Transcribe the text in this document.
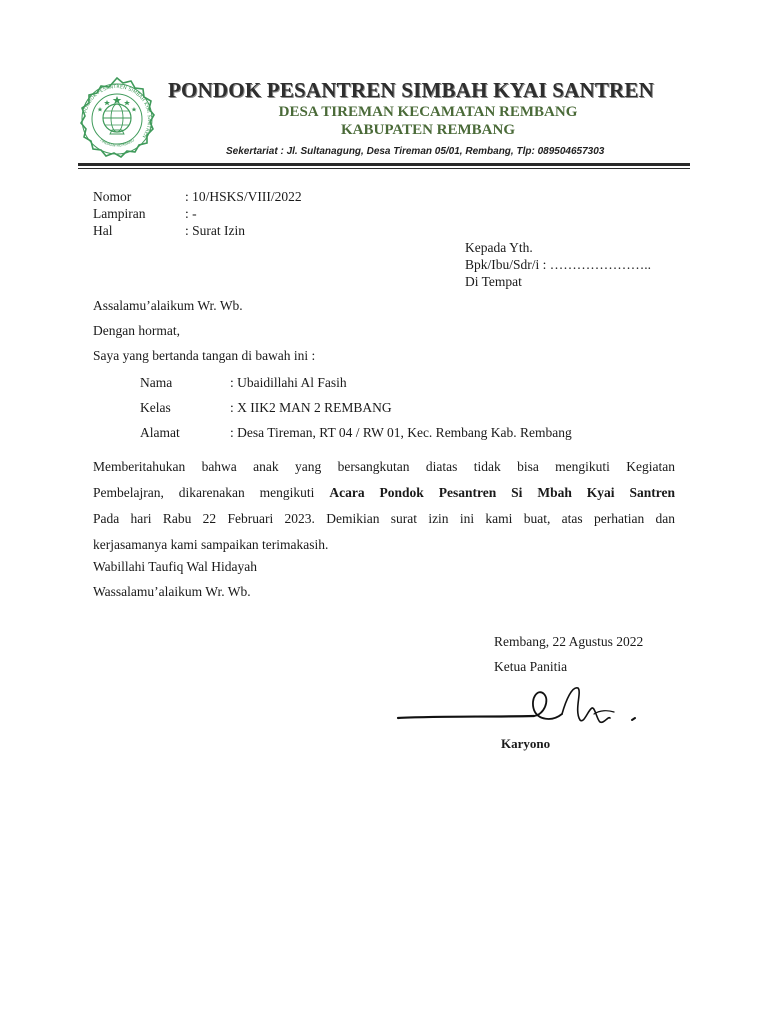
PONDOK PESANTREN SIMBAH KYAI SANTREN
TIREMAN REMBANG
PONDOK PESANTREN SIMBAH KYAI SANTREN
DESA TIREMAN KECAMATAN REMBANG
KABUPATEN REMBANG
Sekertariat : Jl. Sultanagung, Desa Tireman 05/01, Rembang, Tlp: 089504657303
Nomor	: 10/HSKS/VIII/2022
Lampiran	: -
Hal	: Surat Izin
Kepada Yth.
Bpk/Ibu/Sdr/i : …………………..
Di Tempat
Assalamu’alaikum Wr. Wb.
Dengan hormat,
Saya yang bertanda tangan di bawah ini :
Nama	: Ubaidillahi Al Fasih
Kelas	: X IIK2 MAN 2 REMBANG
Alamat	: Desa Tireman, RT 04 / RW 01, Kec. Rembang Kab. Rembang
Memberitahukan bahwa anak yang bersangkutan diatas tidak bisa mengikuti Kegiatan
Pembelajran, dikarenakan mengikuti Acara Pondok Pesantren Si Mbah Kyai Santren
Pada hari Rabu 22 Februari 2023. Demikian surat izin ini kami buat, atas perhatian dan
kerjasamanya kami sampaikan terimakasih.
Wabillahi Taufiq Wal Hidayah
Wassalamu’alaikum Wr. Wb.
Rembang, 22 Agustus 2022
Ketua Panitia
Karyono
